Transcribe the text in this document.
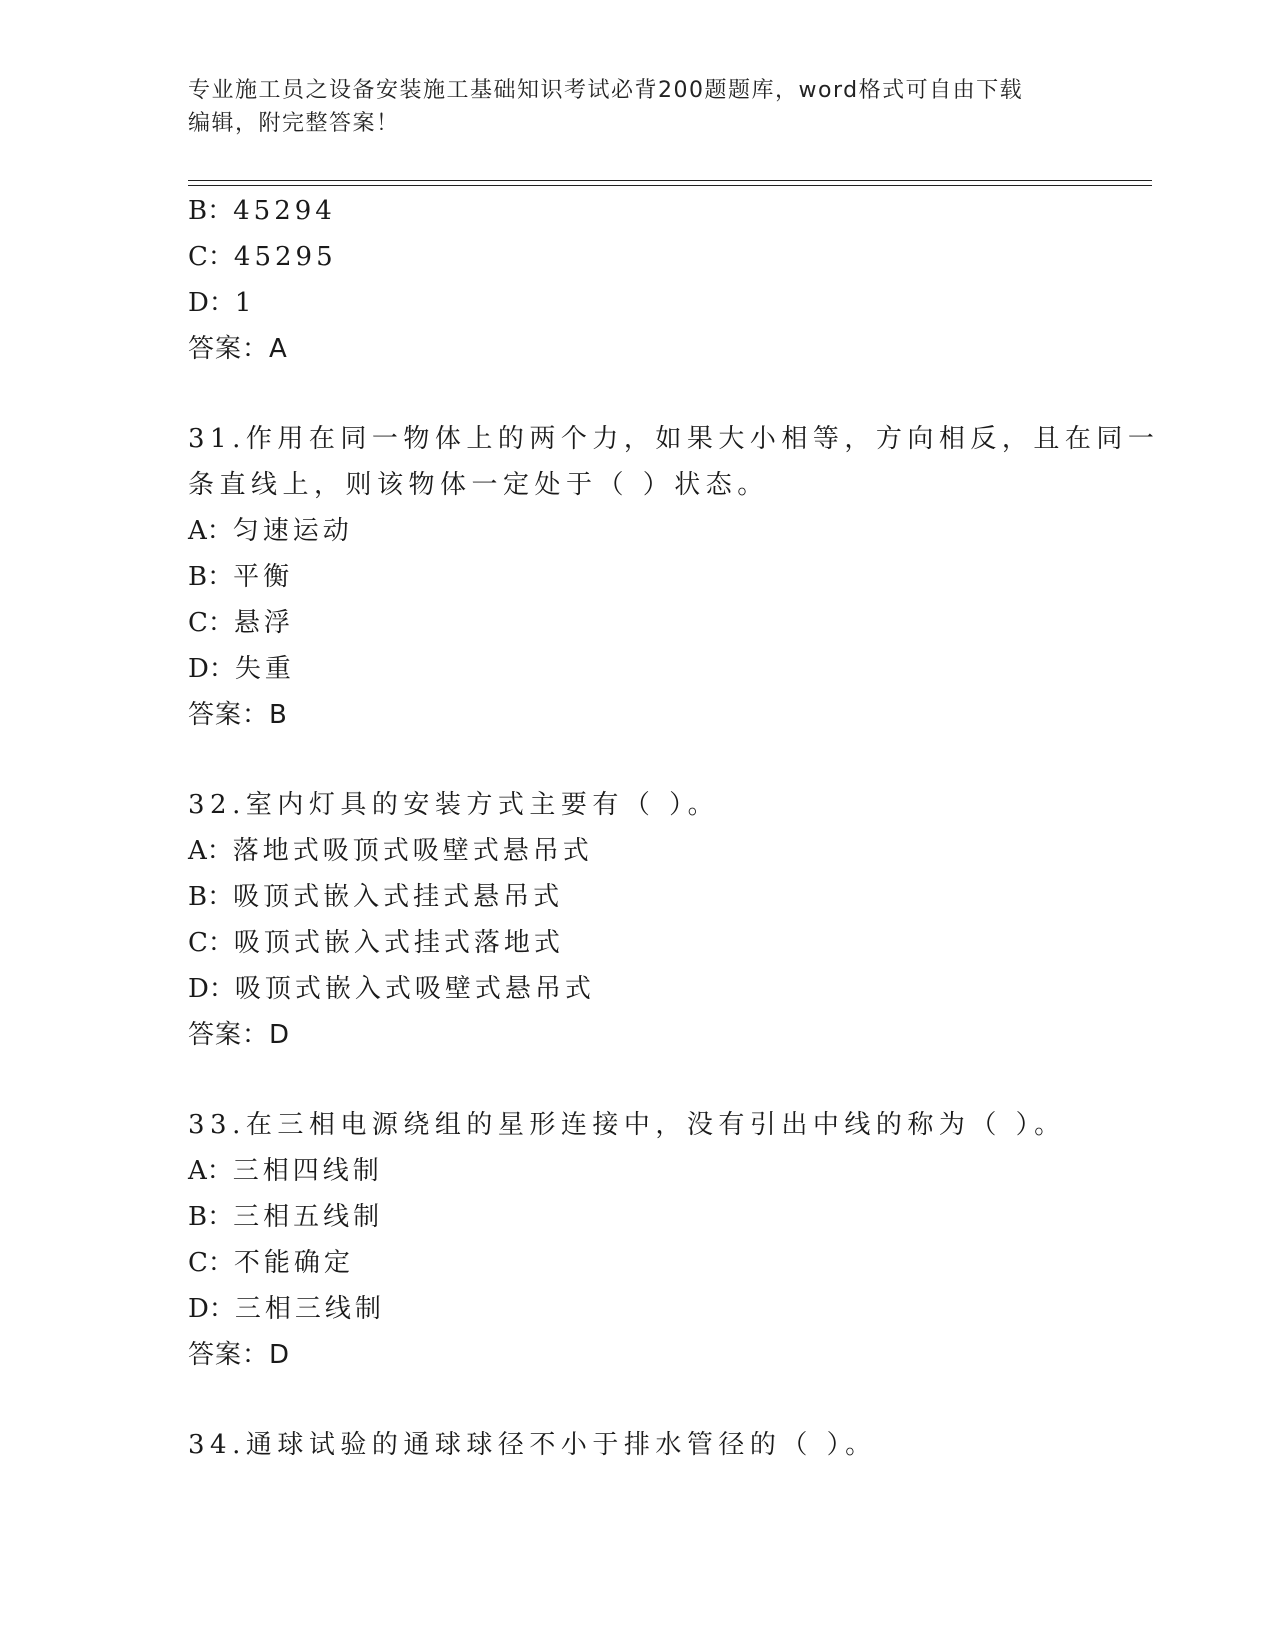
专业施工员之设备安装施工基础知识考试必背200题题库，word格式可自由下载
编辑，附完整答案！
B：45294
C：45295
D：1
答案：A
31.作用在同一物体上的两个力，如果大小相等，方向相反，且在同一
条直线上，则该物体一定处于（ ）状态。
A：匀速运动
B：平衡
C：悬浮
D：失重
答案：B
32.室内灯具的安装方式主要有（ ）。
A：落地式吸顶式吸壁式悬吊式
B：吸顶式嵌入式挂式悬吊式
C：吸顶式嵌入式挂式落地式
D：吸顶式嵌入式吸壁式悬吊式
答案：D
33.在三相电源绕组的星形连接中，没有引出中线的称为（ ）。
A：三相四线制
B：三相五线制
C：不能确定
D：三相三线制
答案：D
34.通球试验的通球球径不小于排水管径的（ ）。
